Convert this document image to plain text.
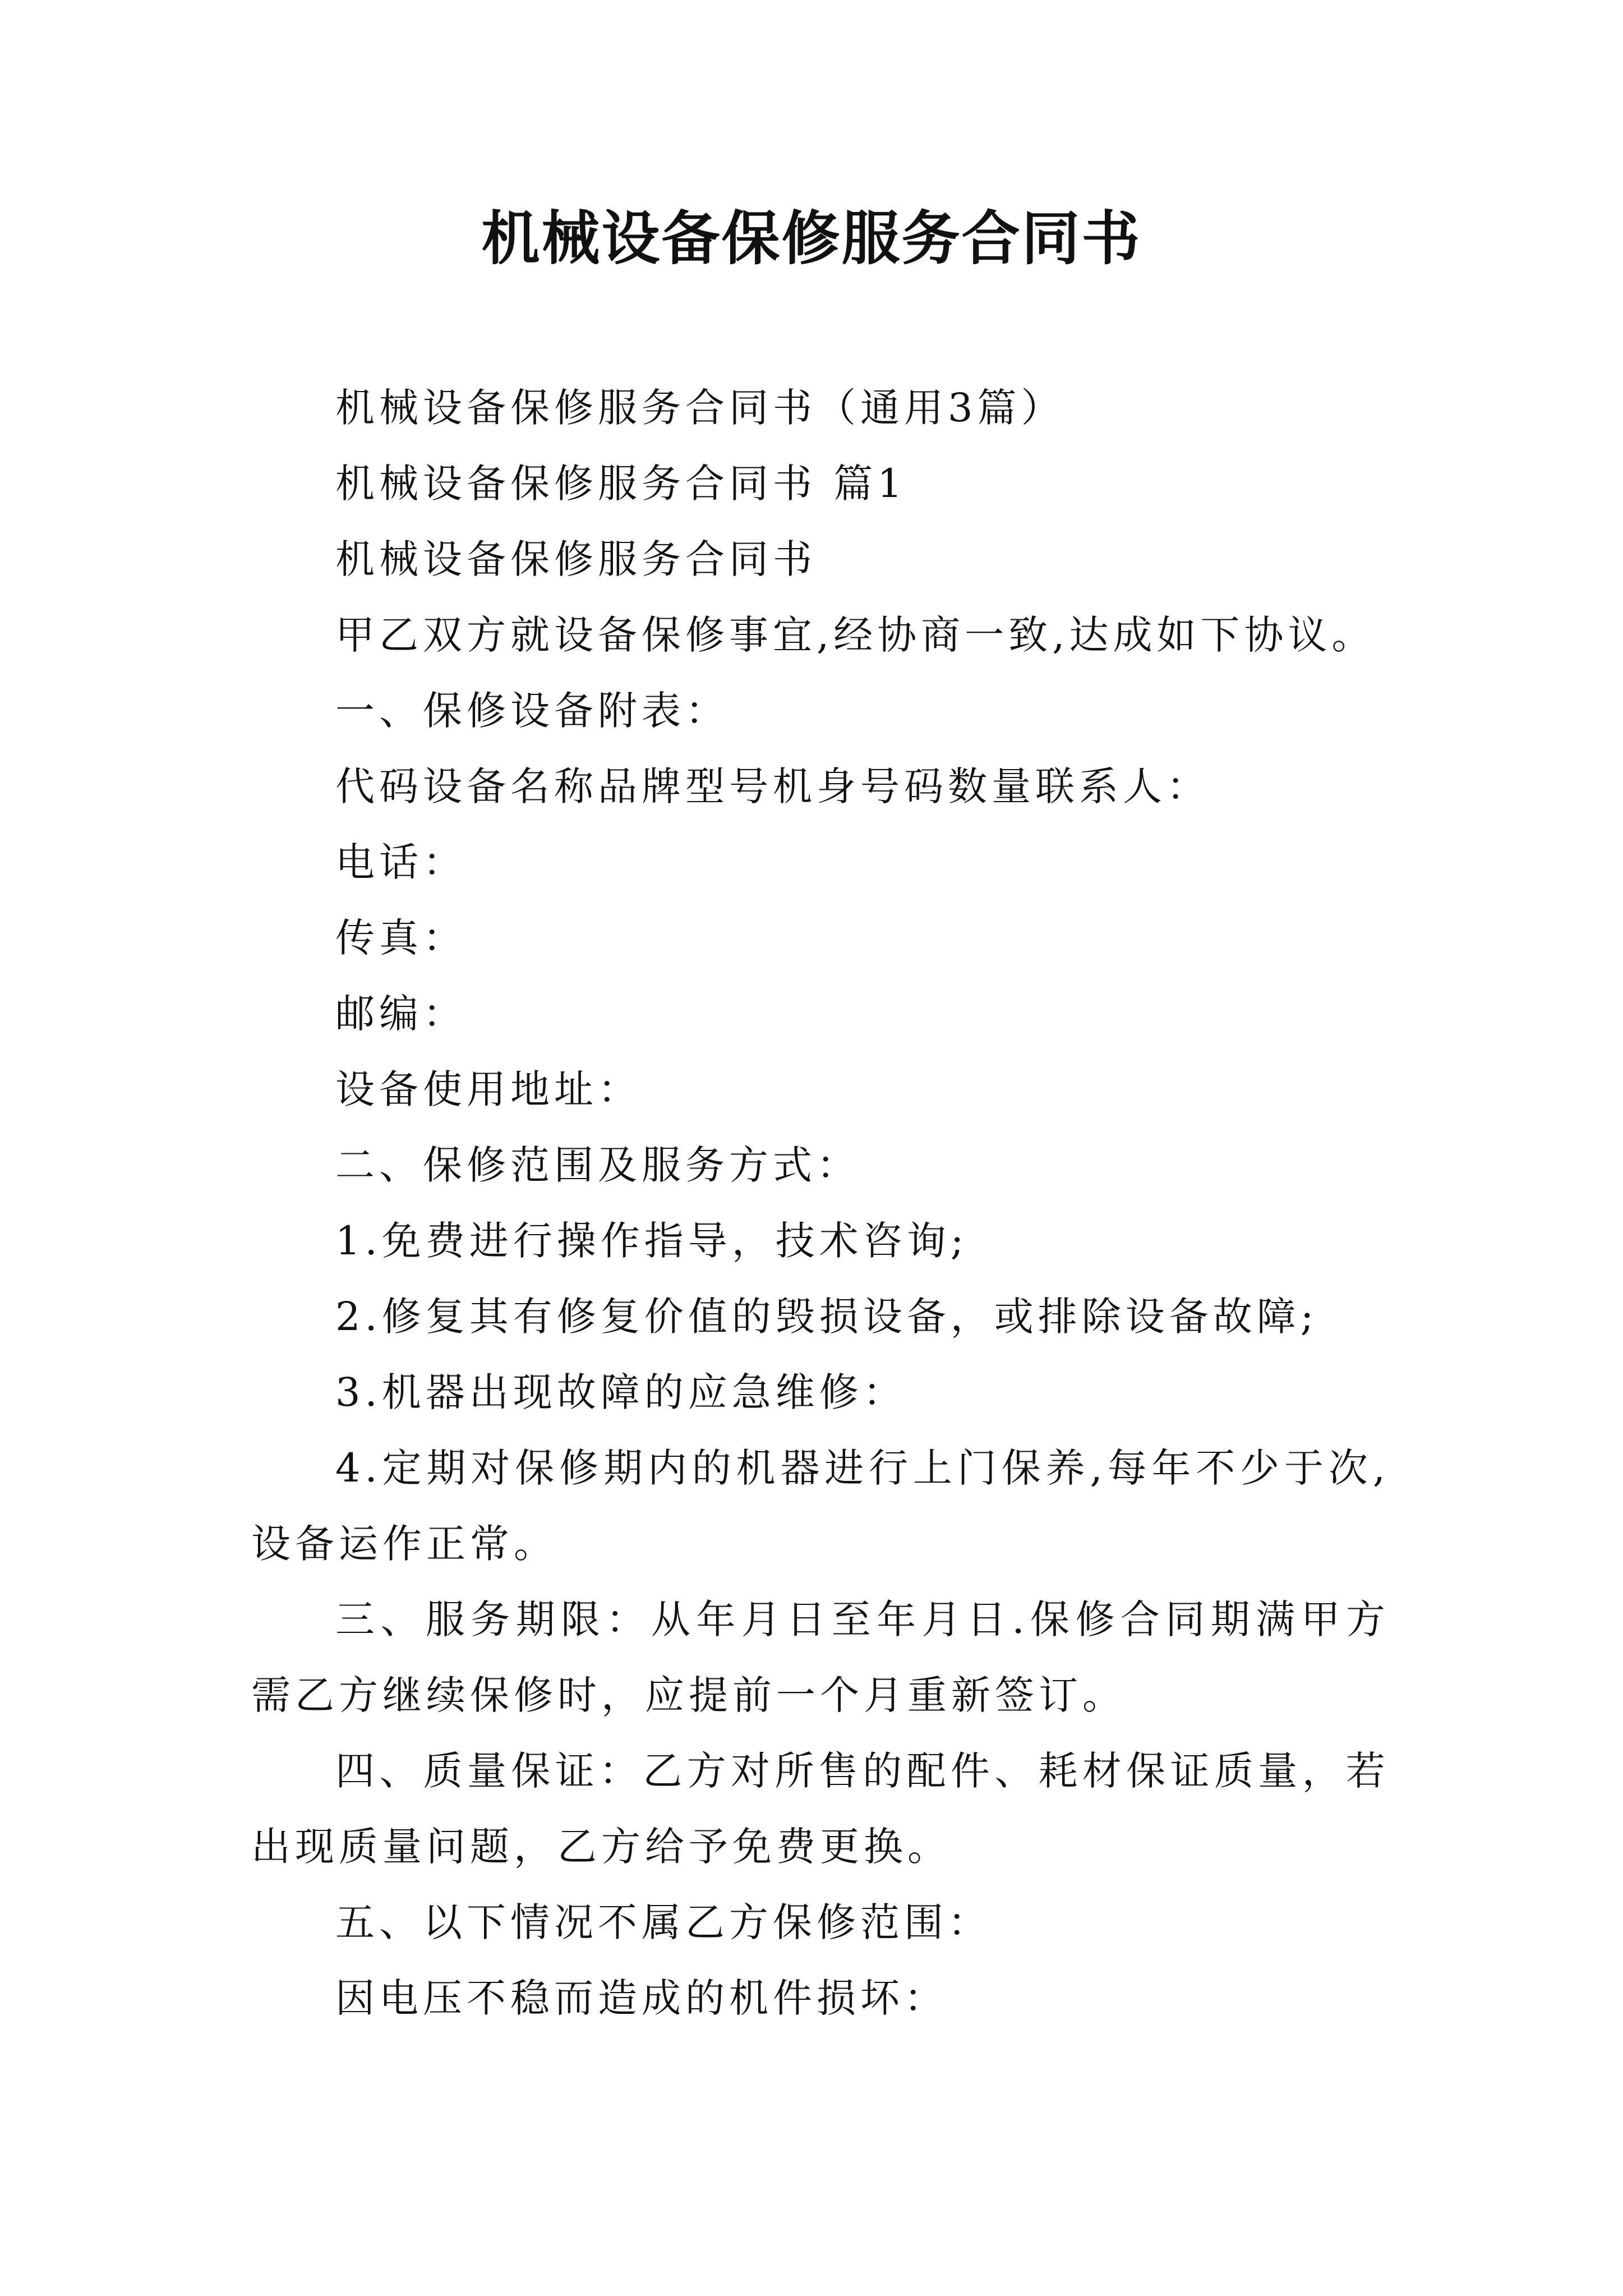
机械设备保修服务合同书

机械设备保修服务合同书（通用3篇）

机械设备保修服务合同书 篇1

机械设备保修服务合同书

甲乙双方就设备保修事宜,经协商一致,达成如下协议。

一、保修设备附表：

代码设备名称品牌型号机身号码数量联系人：

电话：

传真：

邮编：

设备使用地址：

二、保修范围及服务方式：

1.免费进行操作指导，技术咨询;

2.修复其有修复价值的毁损设备，或排除设备故障;

3.机器出现故障的应急维修：

4.定期对保修期内的机器进行上门保养,每年不少于次,设备运作正常。

三、服务期限：从年月日至年月日.保修合同期满甲方需乙方继续保修时，应提前一个月重新签订。

四、质量保证：乙方对所售的配件、耗材保证质量，若出现质量问题，乙方给予免费更换。

五、以下情况不属乙方保修范围：

因电压不稳而造成的机件损坏：
